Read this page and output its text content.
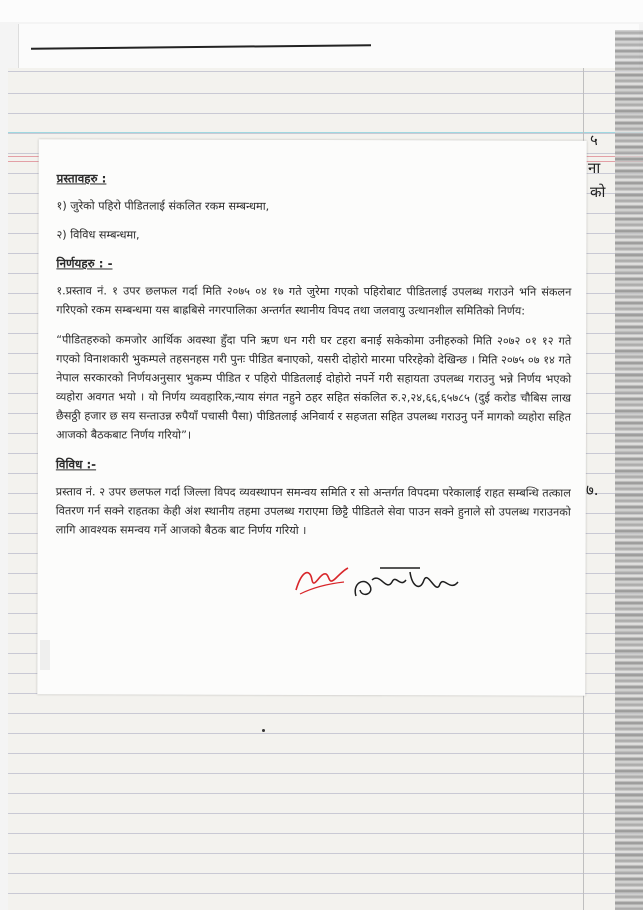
५
ना
को
७.

प्रस्तावहरु :

१) जुरेको पहिरो पीडितलाई संकलित रकम सम्बन्धमा,

२) विविध सम्बन्धमा,

निर्णयहरु : -

१.प्रस्ताव नं. १ उपर छलफल गर्दा मिति २०७५ ०४ १७ गते जुरेमा गएको पहिरोबाट पीडितलाई उपलब्ध गराउने भनि संकलन गरिएको रकम सम्बन्धमा यस बाह्रबिसे नगरपालिका अन्तर्गत स्थानीय विपद तथा जलवायु उत्थानशील समितिको निर्णय:

“पीडितहरुको कमजोर आर्थिक अवस्था हुँदा पनि ऋण धन गरी घर टहरा बनाई सकेकोमा उनीहरुको मिति २०७२ ०१ १२ गते गएको विनाशकारी भुकम्पले तहसनहस गरी पुनः पीडित बनाएको, यसरी दोहोरो मारमा परिरहेको देखिन्छ । मिति २०७५ ०७ १४ गते नेपाल सरकारको निर्णयअनुसार भुकम्प पीडित र पहिरो पीडितलाई दोहोरो नपर्ने गरी सहायता उपलब्ध गराउनु भन्ने निर्णय भएको व्यहोरा अवगत भयो । यो निर्णय व्यवहारिक,न्याय संगत नहुने ठहर सहित संकलित रु.२,२४,६६,६५७८५ (दुई करोड चौबिस लाख छैसठ्ठी हजार छ सय सन्ताउन्न रुपैयाँ पचासी पैसा) पीडितलाई अनिवार्य र सहजता सहित उपलब्ध गराउनु पर्ने मागको व्यहोरा सहित आजको बैठकबाट निर्णय गरियो”।

विविध :-

प्रस्ताव नं. २ उपर छलफल गर्दा जिल्ला विपद व्यवस्थापन समन्वय समिति र सो अन्तर्गत विपदमा परेकालाई राहत सम्बन्धि तत्काल वितरण गर्न सक्ने राहतका केही अंश स्थानीय तहमा उपलब्ध गराएमा छिट्टै पीडितले सेवा पाउन सक्ने हुनाले सो उपलब्ध गराउनको लागि आवश्यक समन्वय गर्ने आजको बैठक बाट निर्णय गरियो ।
